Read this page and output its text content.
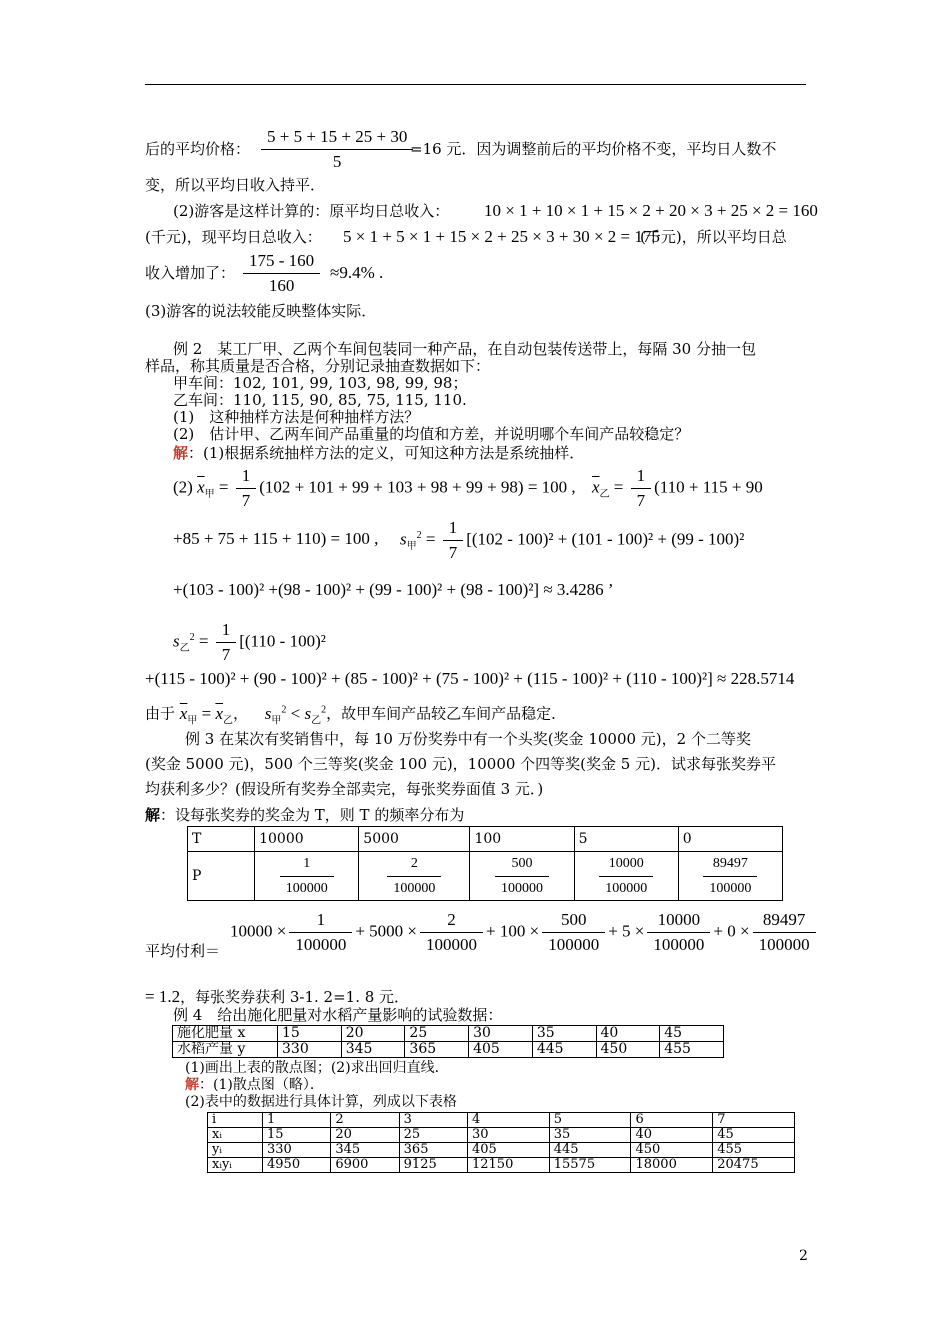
后的平均价格： $\frac{5 + 5 + 15 + 25 + 30}{5}$
=16 元．因为调整前后的平均价格不变，平均日人数不
变，所以平均日收入持平．
(2)游客是这样计算的：原平均日总收入： 10 × 1 + 10 × 1 + 15 × 2 + 20 × 3 + 25 × 2 = 160
(千元)，现平均日总收入： 5 × 1 + 5 × 1 + 15 × 2 + 25 × 3 + 30 × 2 = 175
(千元)，所以平均日总
收入增加了： $\frac{175 - 160}{160} \approx 9.4\%$ .
(3)游客的说法较能反映整体实际．
例 2　某工厂甲、乙两个车间包装同一种产品，在自动包装传送带上，每隔 30 分抽一包
样品，称其质量是否合格，分别记录抽查数据如下：
甲车间：102, 101, 99, 103, 98, 99, 98；
乙车间：110, 115, 90, 85, 75, 115, 110.
(1)　这种抽样方法是何种抽样方法？
(2)　估计甲、乙两车间产品重量的均值和方差，并说明哪个车间产品较稳定？
解：(1)根据系统抽样方法的定义，可知这种方法是系统抽样．
(2) $\overline{x}_甲 = \frac{1}{7} (102 + 101 + 99 + 103 + 98 + 99 + 98) = 100$ , $\overline{x}_乙 = \frac{1}{7} (110 + 115 + 90$
+85 + 75 + 115 + 110) = 100 , $s_甲^2 = \frac{1}{7} [(102 - 100)^2 + (101 - 100)^2 + (99 - 100)^2$
+(103 - 100)² +(98 - 100)² + (99 - 100)² + (98 - 100)²] ≈ 3.4286 ’
$s_乙^2 = \frac{1}{7} [(110 - 100)^2$
+(115 - 100)² + (90 - 100)² + (85 - 100)² + (75 - 100)² + (115 - 100)² + (110 - 100)²] ≈ 228.5714
由于 $\overline{x}_甲 = \overline{x}_乙$， $s_甲^2 < s_乙^2$，故甲车间产品较乙车间产品稳定．
例 3 在某次有奖销售中，每 10 万份奖券中有一个头奖(奖金 10000 元)，2 个二等奖
(奖金 5000 元)，500 个三等奖(奖金 100 元)，10000 个四等奖(奖金 5 元)．试求每张奖券平
均获利多少？(假设所有奖券全部卖完，每张奖券面值 3 元．)
解：设每张奖券的奖金为 T，则 T 的频率分布为
T	10000	5000	100	5	0
P	$\frac{1}{100000}$	$\frac{2}{100000}$	$\frac{500}{100000}$	$\frac{10000}{100000}$	$\frac{89497}{100000}$
平均付利＝
$10000 \times \frac{1}{100000} + 5000 \times \frac{2}{100000} + 100 \times \frac{500}{100000} + 5 \times \frac{10000}{100000} + 0 \times \frac{89497}{100000}$
= 1.2，每张奖券获利 3-1. 2=1. 8 元．
例 4　给出施化肥量对水稻产量影响的试验数据：
施化肥量 x	15	20	25	30	35	40	45
水稻产量 y	330	345	365	405	445	450	455
(1)画出上表的散点图；(2)求出回归直线．
解：(1)散点图（略）．
(2)表中的数据进行具体计算，列成以下表格
i	1	2	3	4	5	6	7
xᵢ	15	20	25	30	35	40	45
yᵢ	330	345	365	405	445	450	455
xᵢyᵢ	4950	6900	9125	12150	15575	18000	20475
2
